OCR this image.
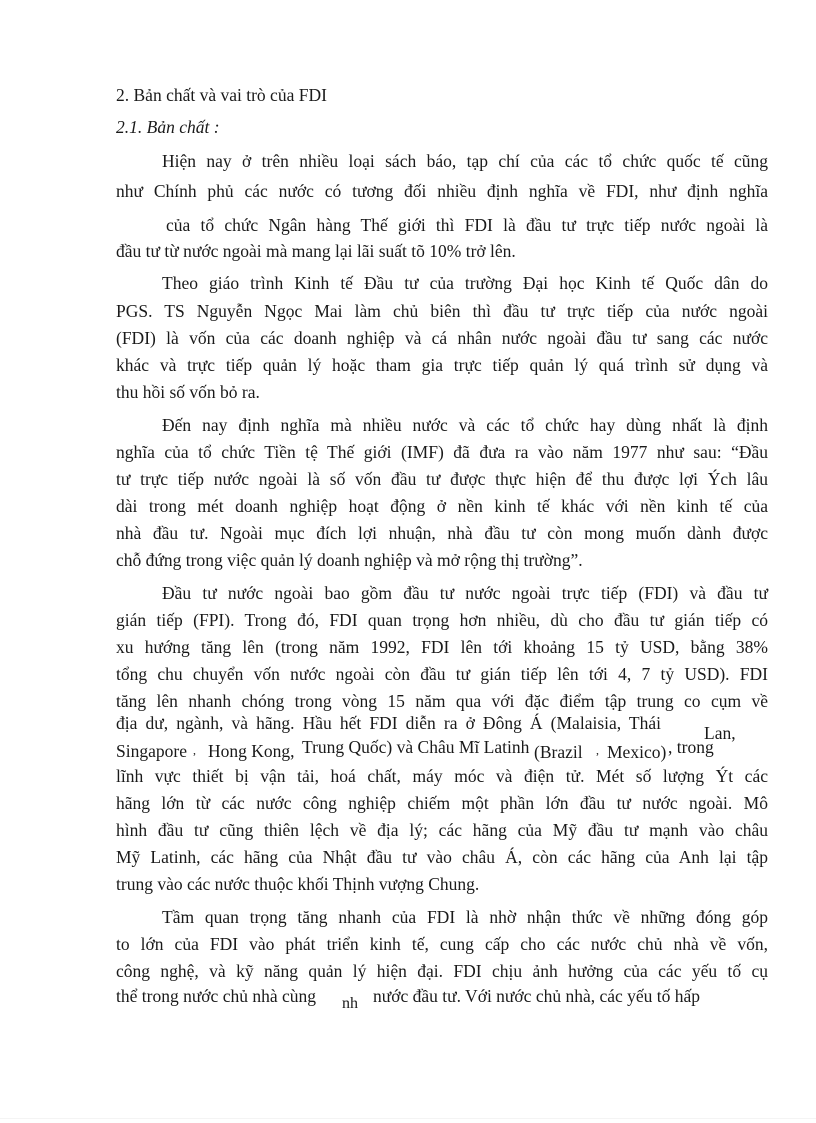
2. Bản chất và vai trò của FDI
2.1. Bản chất :
Hiện nay ở trên nhiều loại sách báo, tạp chí của các tổ chức quốc tế cũng
như Chính phủ các nước có tương đối nhiều định nghĩa về FDI, như định nghĩa
của tổ chức Ngân hàng Thế giới thì FDI là đầu tư trực tiếp nước ngoài là
đầu tư từ nước ngoài mà mang lại lãi suất tõ 10% trở lên.
Theo giáo trình Kinh tế Đầu tư của trường Đại học Kinh tế Quốc dân do
PGS. TS Nguyễn Ngọc Mai làm chủ biên thì đầu tư trực tiếp của nước ngoài
(FDI) là vốn của các doanh nghiệp và cá nhân nước ngoài đầu tư sang các nước
khác và trực tiếp quản lý hoặc tham gia trực tiếp quản lý quá trình sử dụng và
thu hồi số vốn bỏ ra.
Đến nay định nghĩa mà nhiều nước và các tổ chức hay dùng nhất là định
nghĩa của tổ chức Tiền tệ Thế giới (IMF) đã đưa ra vào năm 1977 như sau: “Đầu
tư trực tiếp nước ngoài là số vốn đầu tư được thực hiện để thu được lợi Ých lâu
dài trong mét doanh nghiệp hoạt động ở nền kinh tế khác với nền kinh tế của
nhà đầu tư. Ngoài mục đích lợi nhuận, nhà đầu tư còn mong muốn dành được
chỗ đứng trong việc quản lý doanh nghiệp và mở rộng thị trường”.
Đầu tư nước ngoài bao gồm đầu tư nước ngoài trực tiếp (FDI) và đầu tư
gián tiếp (FPI). Trong đó, FDI quan trọng hơn nhiều, dù cho đầu tư gián tiếp có
xu hướng tăng lên (trong năm 1992, FDI lên tới khoảng 15 tỷ USD, bằng 38%
tổng chu chuyển vốn nước ngoài còn đầu tư gián tiếp lên tới 4, 7 tỷ USD). FDI
tăng lên nhanh chóng trong vòng 15 năm qua với đặc điểm tập trung co cụm về
địa dư, ngành, và hãng. Hầu hết FDI diễn ra ở Đông Á (Malaisia, Thái Lan,
Singapore , Hong Kong, Trung Quốc) và Châu Mĩ Latinh (Brazil , Mexico) , trong
lĩnh vực thiết bị vận tải, hoá chất, máy móc và điện tử. Mét số lượng Ýt các
hãng lớn từ các nước công nghiệp chiếm một phần lớn đầu tư nước ngoài. Mô
hình đầu tư cũng thiên lệch về địa lý; các hãng của Mỹ đầu tư mạnh vào châu
Mỹ Latinh, các hãng của Nhật đầu tư vào châu Á, còn các hãng của Anh lại tập
trung vào các nước thuộc khối Thịnh vượng Chung.
Tầm quan trọng tăng nhanh của FDI là nhờ nhận thức về những đóng góp
to lớn của FDI vào phát triển kinh tế, cung cấp cho các nước chủ nhà về vốn,
công nghệ, và kỹ năng quản lý hiện đại. FDI chịu ảnh hưởng của các yếu tố cụ
thể trong nước chủ nhà cùng nh nước đầu tư. Với nước chủ nhà, các yếu tố hấp
